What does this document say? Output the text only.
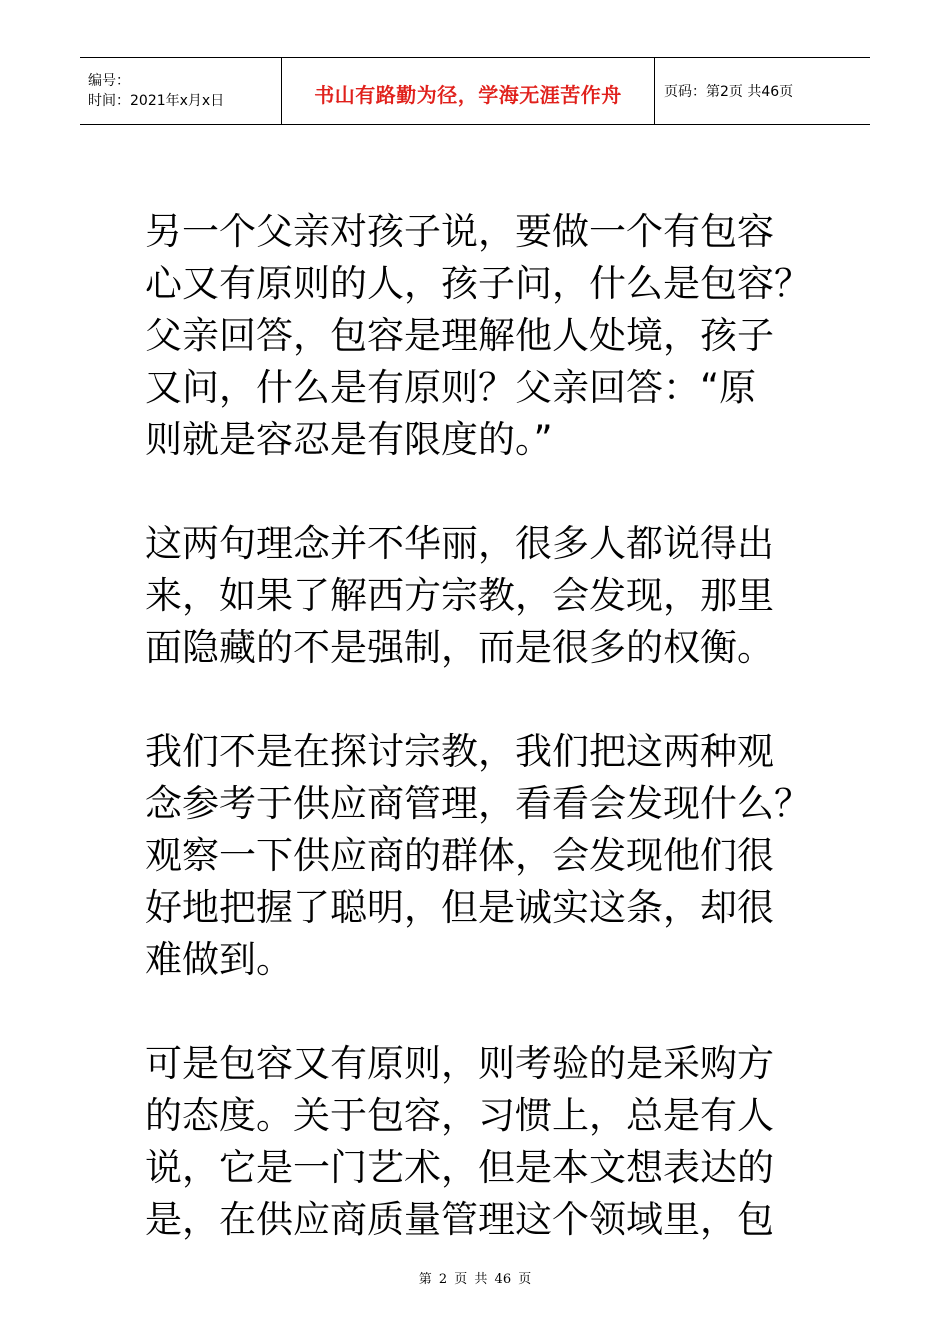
编号：
时间：2021年x月x日	书山有路勤为径，学海无涯苦作舟	页码：第2页 共46页

另一个父亲对孩子说，要做一个有包容
心又有原则的人，孩子问，什么是包容？
父亲回答，包容是理解他人处境，孩子
又问，什么是有原则？父亲回答：“原
则就是容忍是有限度的。”

这两句理念并不华丽，很多人都说得出
来，如果了解西方宗教，会发现，那里
面隐藏的不是强制，而是很多的权衡。

我们不是在探讨宗教，我们把这两种观
念参考于供应商管理，看看会发现什么？
观察一下供应商的群体，会发现他们很
好地把握了聪明，但是诚实这条，却很
难做到。

可是包容又有原则，则考验的是采购方
的态度。关于包容，习惯上，总是有人
说，它是一门艺术，但是本文想表达的
是，在供应商质量管理这个领域里，包

第 2 页 共 46 页
